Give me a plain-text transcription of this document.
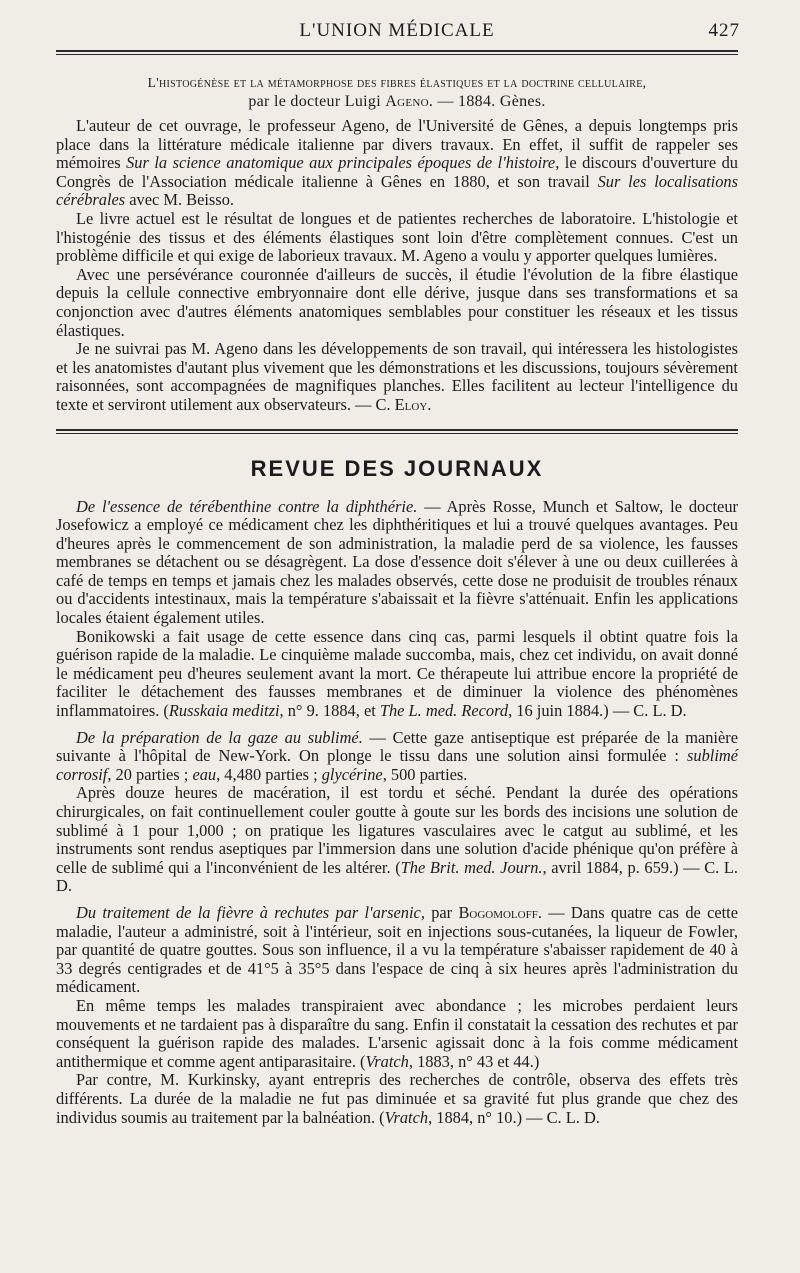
L'UNION MÉDICALE	427
L'histogénèse et la métamorphose des fibres élastiques et la doctrine cellulaire,
par le docteur Luigi Ageno. — 1884. Gènes.

L'auteur de cet ouvrage, le professeur Ageno, de l'Université de Gênes, a depuis longtemps pris place dans la littérature médicale italienne par divers travaux. En effet, il suffit de rappeler ses mémoires Sur la science anatomique aux principales époques de l'histoire, le discours d'ouverture du Congrès de l'Association médicale italienne à Gênes en 1880, et son travail Sur les localisations cérébrales avec M. Beisso.

Le livre actuel est le résultat de longues et de patientes recherches de laboratoire. L'histologie et l'histogénie des tissus et des éléments élastiques sont loin d'être complètement connues. C'est un problème difficile et qui exige de laborieux travaux. M. Ageno a voulu y apporter quelques lumières.

Avec une persévérance couronnée d'ailleurs de succès, il étudie l'évolution de la fibre élastique depuis la cellule connective embryonnaire dont elle dérive, jusque dans ses transformations et sa conjonction avec d'autres éléments anatomiques semblables pour constituer les réseaux et les tissus élastiques.

Je ne suivrai pas M. Ageno dans les développements de son travail, qui intéressera les histologistes et les anatomistes d'autant plus vivement que les démonstrations et les discussions, toujours sévèrement raisonnées, sont accompagnées de magnifiques planches. Elles facilitent au lecteur l'intelligence du texte et serviront utilement aux observateurs. — C. Eloy.

REVUE DES JOURNAUX

De l'essence de térébenthine contre la diphthérie. — Après Rosse, Munch et Saltow, le docteur Josefowicz a employé ce médicament chez les diphthéritiques et lui a trouvé quelques avantages. Peu d'heures après le commencement de son administration, la maladie perd de sa violence, les fausses membranes se détachent ou se désagrègent. La dose d'essence doit s'élever à une ou deux cuillerées à café de temps en temps et jamais chez les malades observés, cette dose ne produisit de troubles rénaux ou d'accidents intestinaux, mais la température s'abaissait et la fièvre s'atténuait. Enfin les applications locales étaient également utiles.

Bonikowski a fait usage de cette essence dans cinq cas, parmi lesquels il obtint quatre fois la guérison rapide de la maladie. Le cinquième malade succomba, mais, chez cet individu, on avait donné le médicament peu d'heures seulement avant la mort. Ce thérapeute lui attribue encore la propriété de faciliter le détachement des fausses membranes et de diminuer la violence des phénomènes inflammatoires. (Russkaia meditzi, n° 9. 1884, et The L. med. Record, 16 juin 1884.) — C. L. D.

De la préparation de la gaze au sublimé. — Cette gaze antiseptique est préparée de la manière suivante à l'hôpital de New-York. On plonge le tissu dans une solution ainsi formulée : sublimé corrosif, 20 parties ; eau, 4,480 parties ; glycérine, 500 parties.

Après douze heures de macération, il est tordu et séché. Pendant la durée des opérations chirurgicales, on fait continuellement couler goutte à goute sur les bords des incisions une solution de sublimé à 1 pour 1,000 ; on pratique les ligatures vasculaires avec le catgut au sublimé, et les instruments sont rendus aseptiques par l'immersion dans une solution d'acide phénique qu'on préfère à celle de sublimé qui a l'inconvénient de les altérer. (The Brit. med. Journ., avril 1884, p. 659.) — C. L. D.

Du traitement de la fièvre à rechutes par l'arsenic, par Bogomoloff. — Dans quatre cas de cette maladie, l'auteur a administré, soit à l'intérieur, soit en injections sous-cutanées, la liqueur de Fowler, par quantité de quatre gouttes. Sous son influence, il a vu la température s'abaisser rapidement de 40 à 33 degrés centigrades et de 41°5 à 35°5 dans l'espace de cinq à six heures après l'administration du médicament.

En même temps les malades transpiraient avec abondance ; les microbes perdaient leurs mouvements et ne tardaient pas à disparaître du sang. Enfin il constatait la cessation des rechutes et par conséquent la guérison rapide des malades. L'arsenic agissait donc à la fois comme médicament antithermique et comme agent antiparasitaire. (Vratch, 1883, n° 43 et 44.)

Par contre, M. Kurkinsky, ayant entrepris des recherches de contrôle, observa des effets très différents. La durée de la maladie ne fut pas diminuée et sa gravité fut plus grande que chez des individus soumis au traitement par la balnéation. (Vratch, 1884, n° 10.) — C. L. D.
